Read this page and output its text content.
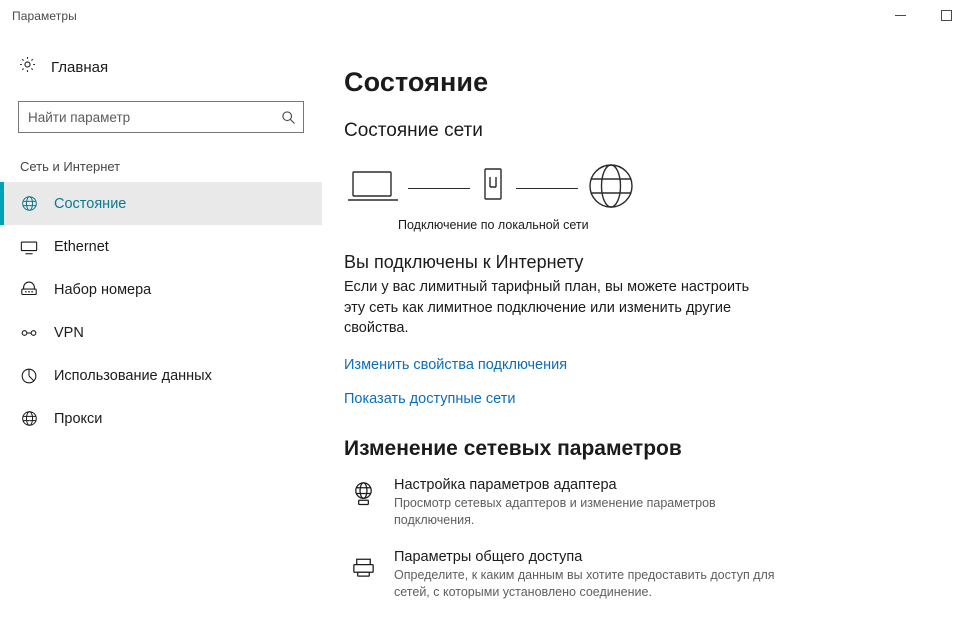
Параметры
Главная
Найти параметр
Сеть и Интернет
Состояние
Ethernet
Набор номера
VPN
Использование данных
Прокси
Состояние
Состояние сети
Подключение по локальной сети
Вы подключены к Интернету

Если у вас лимитный тарифный план, вы можете настроить эту сеть как лимитное подключение или изменить другие свойства.

Изменить свойства подключения
Показать доступные сети
Изменение сетевых параметров
Настройка параметров адаптера
Просмотр сетевых адаптеров и изменение параметров подключения.
Параметры общего доступа
Определите, к каким данным вы хотите предоставить доступ для сетей, с которыми установлено соединение.
